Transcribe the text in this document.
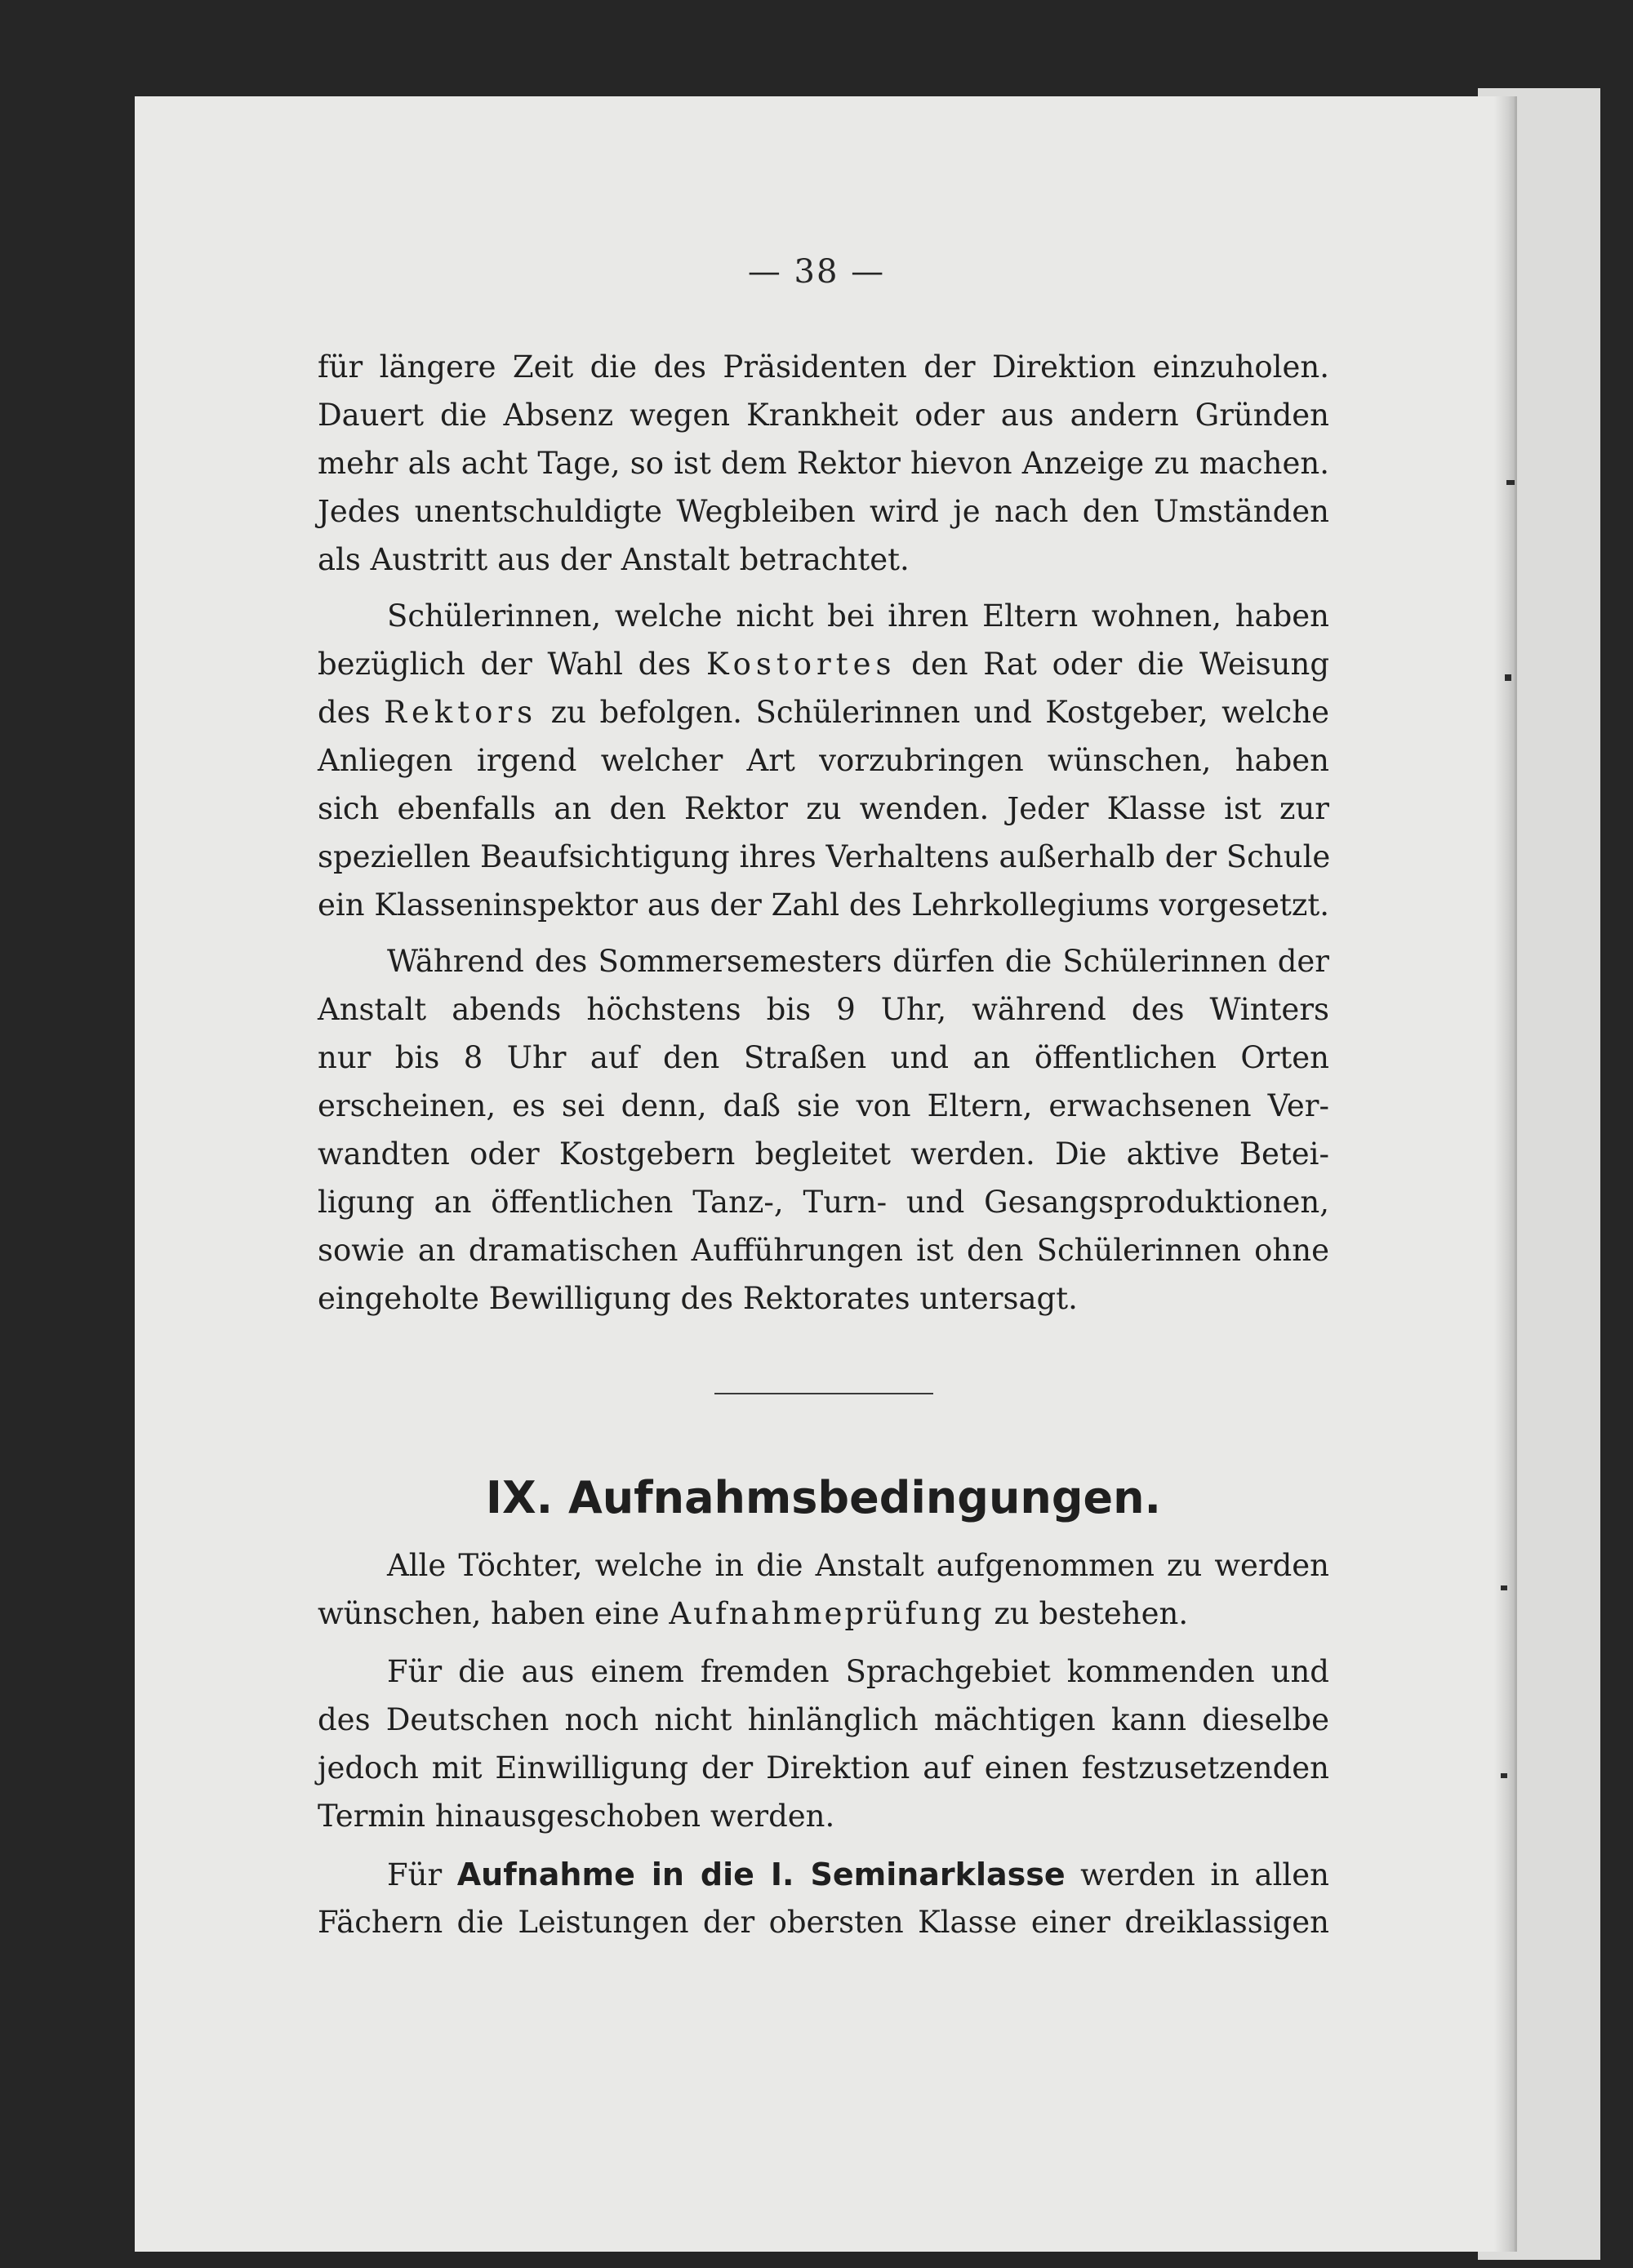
— 38 —
für längere Zeit die des Präsidenten der Direktion einzuholen.
Dauert die Absenz wegen Krankheit oder aus andern Gründen
mehr als acht Tage, so ist dem Rektor hievon Anzeige zu machen.
Jedes unentschuldigte Wegbleiben wird je nach den Umständen
als Austritt aus der Anstalt betrachtet.
Schülerinnen, welche nicht bei ihren Eltern wohnen, haben
bezüglich der Wahl des Kostortes den Rat oder die Weisung
des Rektors zu befolgen. Schülerinnen und Kostgeber, welche
Anliegen irgend welcher Art vorzubringen wünschen, haben
sich ebenfalls an den Rektor zu wenden. Jeder Klasse ist zur
speziellen Beaufsichtigung ihres Verhaltens außerhalb der Schule
ein Klasseninspektor aus der Zahl des Lehrkollegiums vorgesetzt.
Während des Sommersemesters dürfen die Schülerinnen der
Anstalt abends höchstens bis 9 Uhr, während des Winters
nur bis 8 Uhr auf den Straßen und an öffentlichen Orten
erscheinen, es sei denn, daß sie von Eltern, erwachsenen Ver-
wandten oder Kostgebern begleitet werden. Die aktive Betei-
ligung an öffentlichen Tanz-, Turn- und Gesangsproduktionen,
sowie an dramatischen Aufführungen ist den Schülerinnen ohne
eingeholte Bewilligung des Rektorates untersagt.
IX. Aufnahmsbedingungen.
Alle Töchter, welche in die Anstalt aufgenommen zu werden
wünschen, haben eine Aufnahmeprüfung zu bestehen.
Für die aus einem fremden Sprachgebiet kommenden und
des Deutschen noch nicht hinlänglich mächtigen kann dieselbe
jedoch mit Einwilligung der Direktion auf einen festzusetzenden
Termin hinausgeschoben werden.
Für Aufnahme in die I. Seminarklasse werden in allen
Fächern die Leistungen der obersten Klasse einer dreiklassigen
